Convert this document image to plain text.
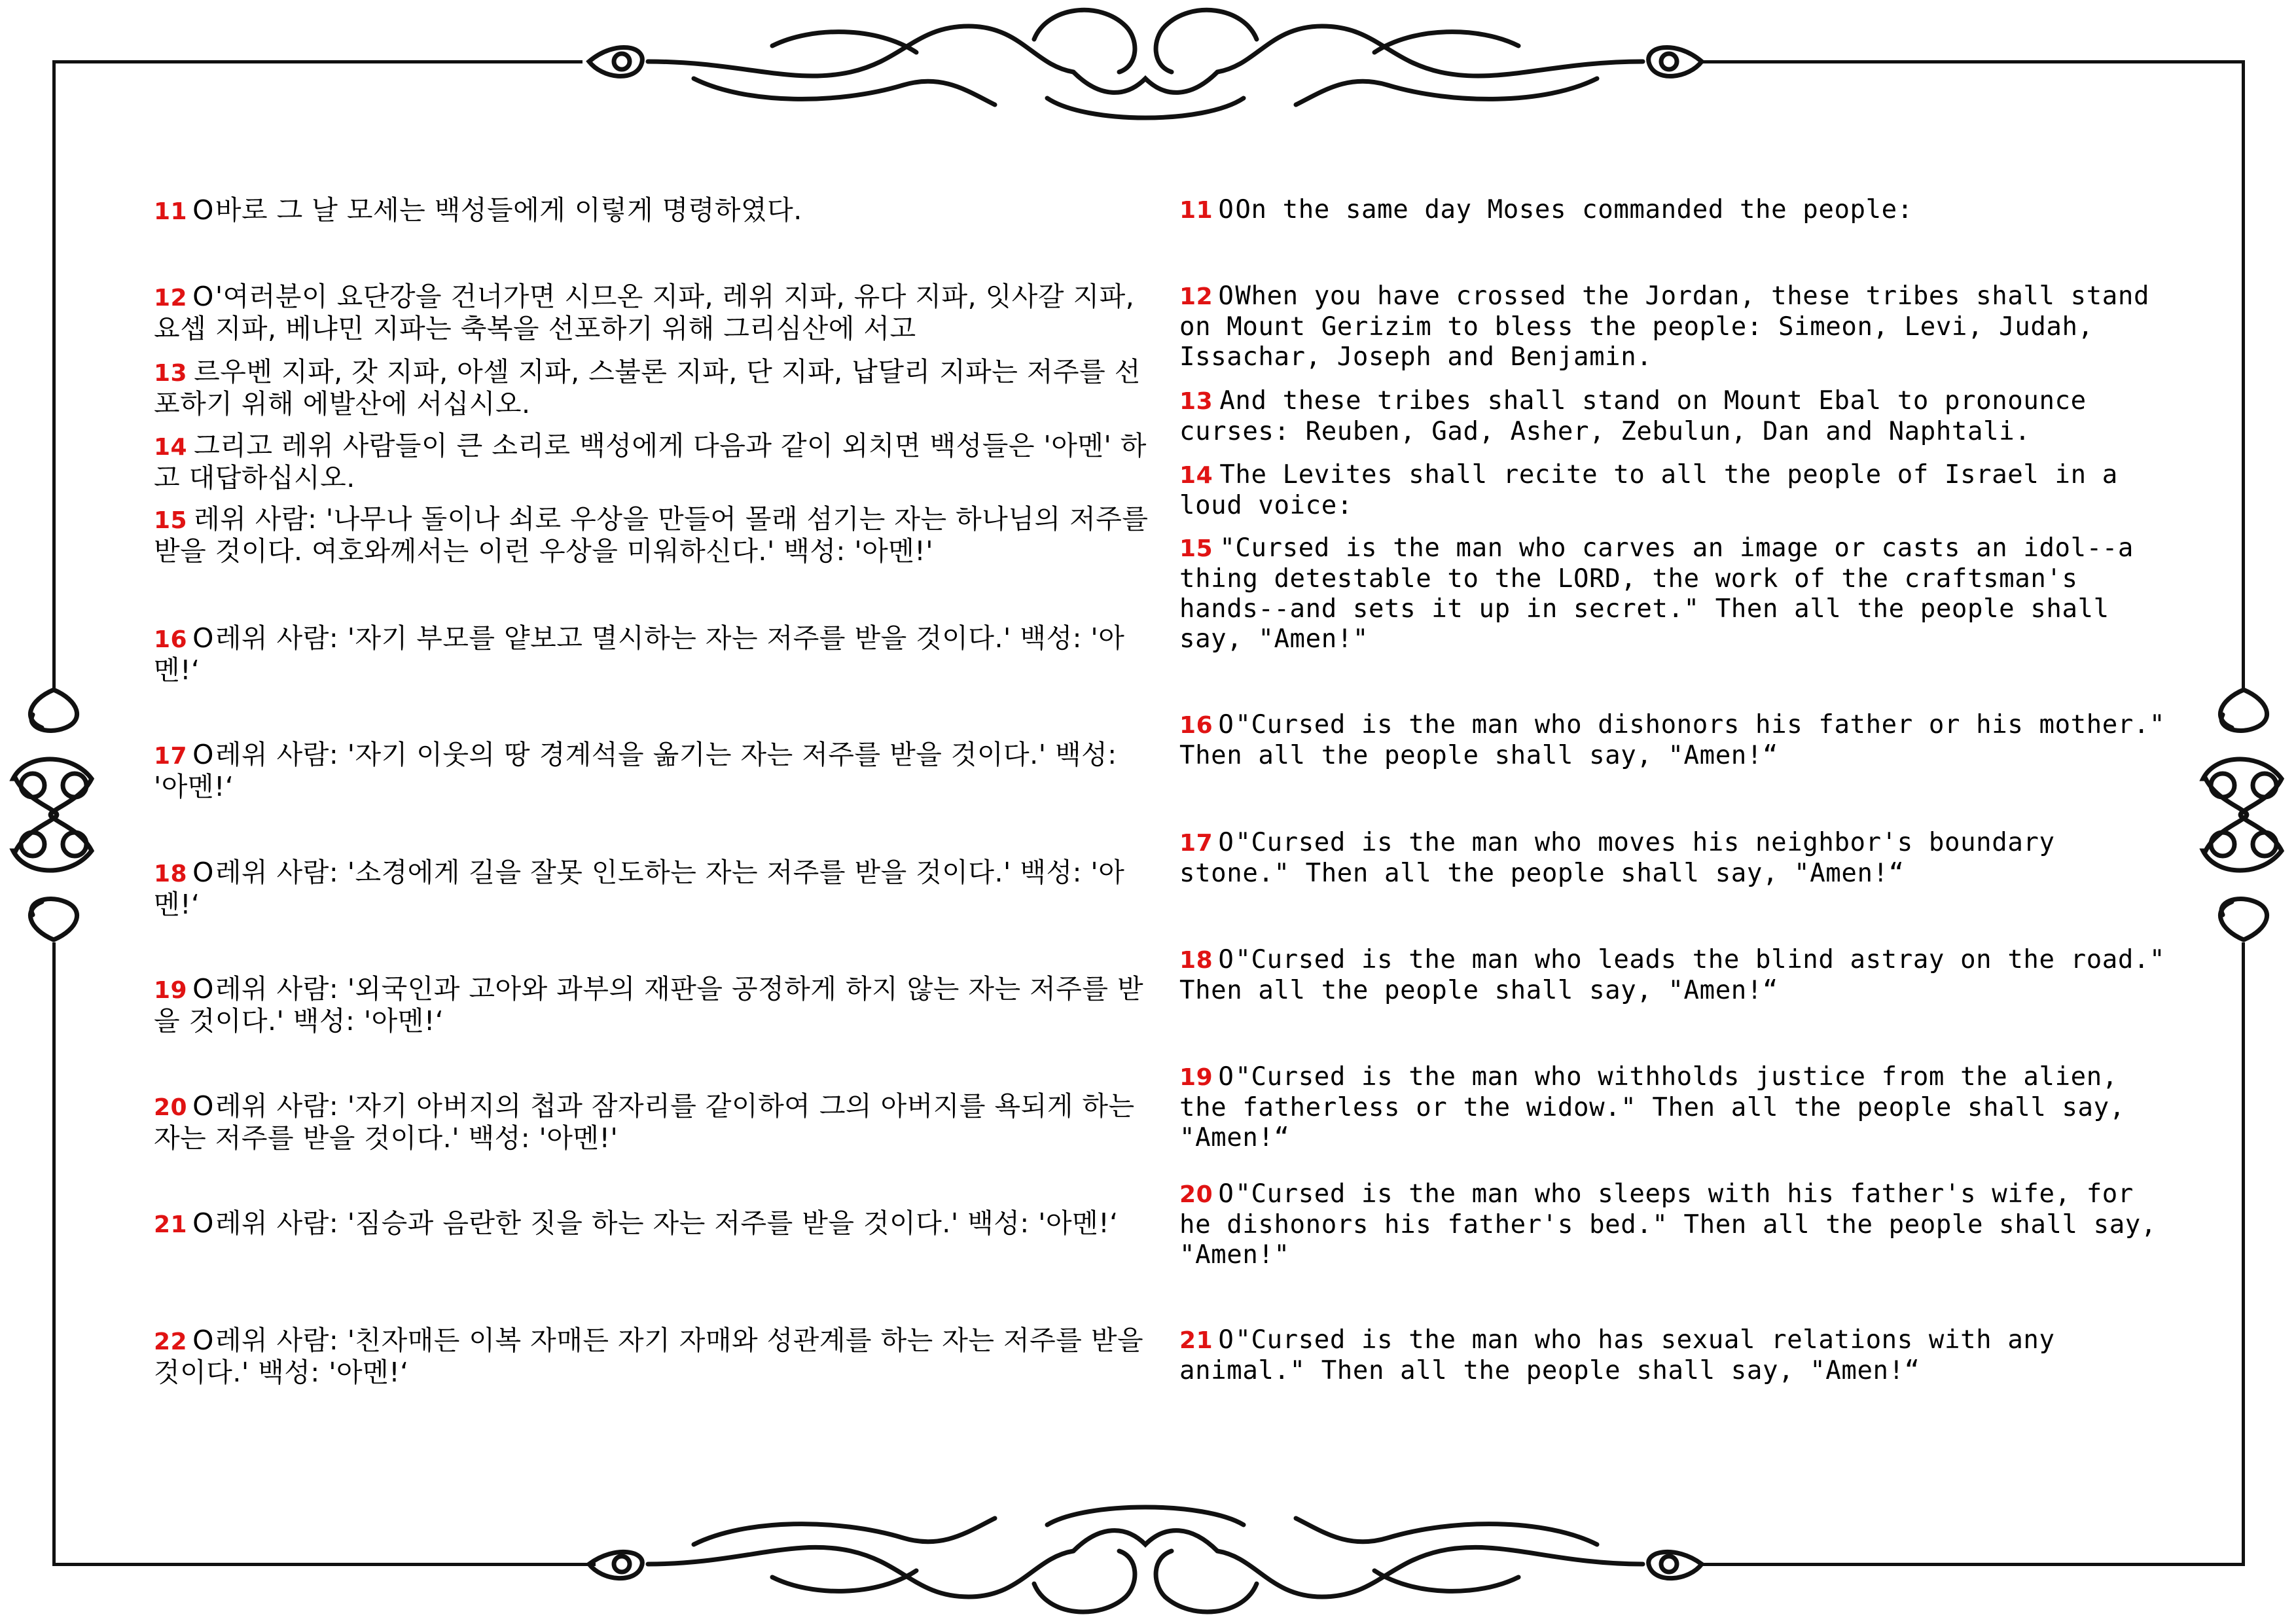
11 O바로 그 날 모세는 백성들에게 이렇게 명령하였다.

12 O'여러분이 요단강을 건너가면 시므온 지파, 레위 지파, 유다 지파, 잇사갈 지파, 요셉 지파, 베냐민 지파는 축복을 선포하기 위해 그리심산에 서고

13 르우벤 지파, 갓 지파, 아셀 지파, 스불론 지파, 단 지파, 납달리 지파는 저주를 선포하기 위해 에발산에 서십시오.

14 그리고 레위 사람들이 큰 소리로 백성에게 다음과 같이 외치면 백성들은 '아멘' 하고 대답하십시오.

15 레위 사람: '나무나 돌이나 쇠로 우상을 만들어 몰래 섬기는 자는 하나님의 저주를 받을 것이다. 여호와께서는 이런 우상을 미워하신다.' 백성: '아멘!'

16 O레위 사람: '자기 부모를 얕보고 멸시하는 자는 저주를 받을 것이다.' 백성: '아멘!‘

17 O레위 사람: '자기 이웃의 땅 경계석을 옮기는 자는 저주를 받을 것이다.' 백성: '아멘!‘

18 O레위 사람: '소경에게 길을 잘못 인도하는 자는 저주를 받을 것이다.' 백성: '아멘!‘

19 O레위 사람: '외국인과 고아와 과부의 재판을 공정하게 하지 않는 자는 저주를 받을 것이다.' 백성: '아멘!‘

20 O레위 사람: '자기 아버지의 첩과 잠자리를 같이하여 그의 아버지를 욕되게 하는 자는 저주를 받을 것이다.' 백성: '아멘!'

21 O레위 사람: '짐승과 음란한 짓을 하는 자는 저주를 받을 것이다.' 백성: '아멘!‘

22 O레위 사람: '친자매든 이복 자매든 자기 자매와 성관계를 하는 자는 저주를 받을 것이다.' 백성: '아멘!‘

11 OOn the same day Moses commanded the people:

12 OWhen you have crossed the Jordan, these tribes shall stand on Mount Gerizim to bless the people: Simeon, Levi, Judah, Issachar, Joseph and Benjamin.

13 And these tribes shall stand on Mount Ebal to pronounce curses: Reuben, Gad, Asher, Zebulun, Dan and Naphtali.

14 The Levites shall recite to all the people of Israel in a loud voice:

15 "Cursed is the man who carves an image or casts an idol--a thing detestable to the LORD, the work of the craftsman's hands--and sets it up in secret." Then all the people shall say, "Amen!"

16 O"Cursed is the man who dishonors his father or his mother." Then all the people shall say, "Amen!“

17 O"Cursed is the man who moves his neighbor's boundary stone." Then all the people shall say, "Amen!“

18 O"Cursed is the man who leads the blind astray on the road." Then all the people shall say, "Amen!“

19 O"Cursed is the man who withholds justice from the alien, the fatherless or the widow." Then all the people shall say, "Amen!“

20 O"Cursed is the man who sleeps with his father's wife, for he dishonors his father's bed." Then all the people shall say, "Amen!"

21 O"Cursed is the man who has sexual relations with any animal." Then all the people shall say, "Amen!“
